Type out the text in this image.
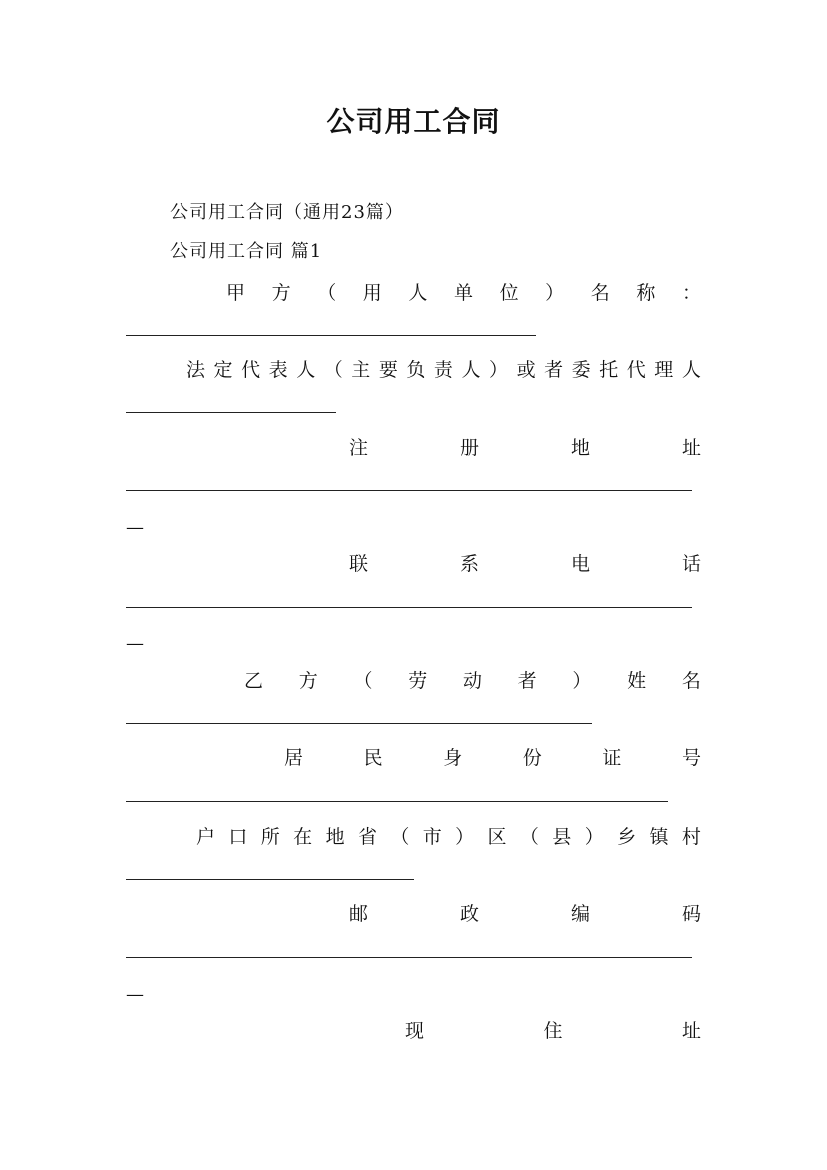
公司用工合同
公司用工合同（通用23篇）
公司用工合同 篇1
甲 方 （ 用 人 单 位 ） 名 称 ：
法 定 代 表 人 （ 主 要 负 责 人 ） 或 者 委 托 代 理 人
注	册	地	址
—
联	系	电	话
—
乙 方 （ 劳 动 者 ） 姓 名
居	民	身	份	证	号
户 口 所 在 地 省 （ 市 ） 区 （ 县 ） 乡 镇 村
邮	政	编	码
—
现	住	址
